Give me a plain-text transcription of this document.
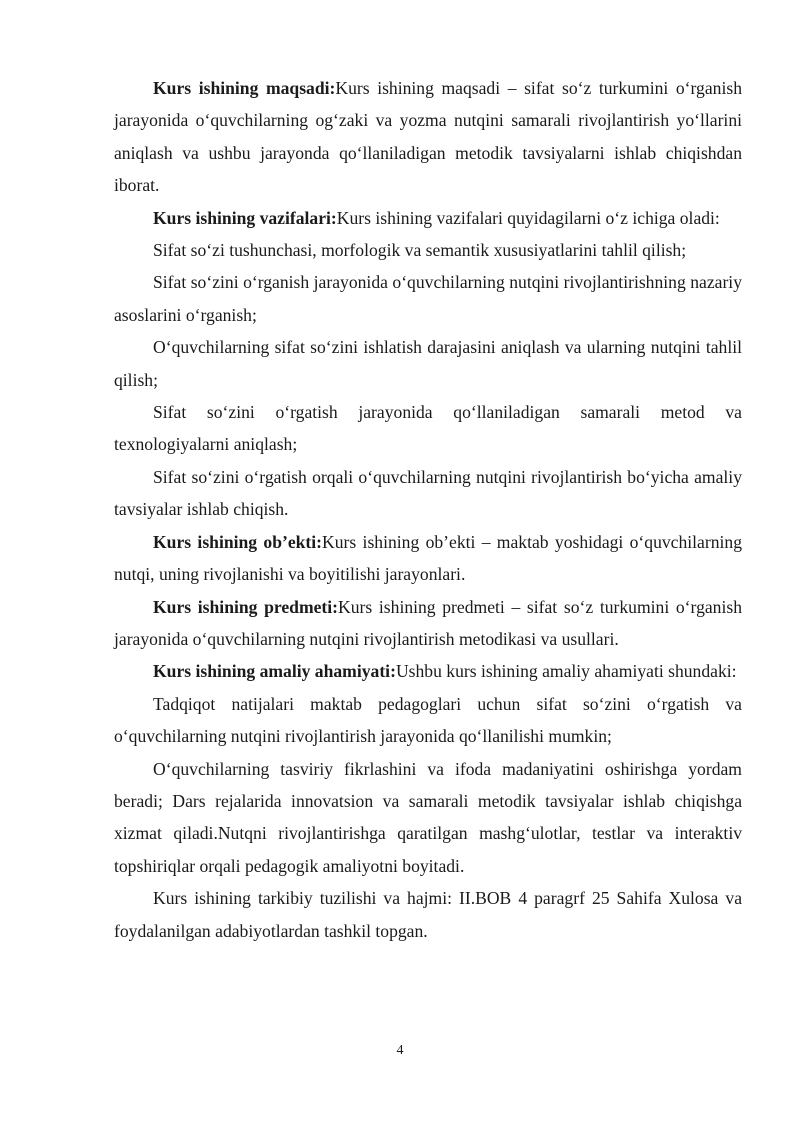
Kurs ishining maqsadi:Kurs ishining maqsadi – sifat so‘z turkumini o‘rganish jarayonida o‘quvchilarning og‘zaki va yozma nutqini samarali rivojlantirish yo‘llarini aniqlash va ushbu jarayonda qo‘llaniladigan metodik tavsiyalarni ishlab chiqishdan iborat.

Kurs ishining vazifalari:Kurs ishining vazifalari quyidagilarni o‘z ichiga oladi:

Sifat so‘zi tushunchasi, morfologik va semantik xususiyatlarini tahlil qilish;

Sifat so‘zini o‘rganish jarayonida o‘quvchilarning nutqini rivojlantirishning nazariy asoslarini o‘rganish;

O‘quvchilarning sifat so‘zini ishlatish darajasini aniqlash va ularning nutqini tahlil qilish;

Sifat so‘zini o‘rgatish jarayonida qo‘llaniladigan samarali metod va texnologiyalarni aniqlash;

Sifat so‘zini o‘rgatish orqali o‘quvchilarning nutqini rivojlantirish bo‘yicha amaliy tavsiyalar ishlab chiqish.

Kurs ishining ob’ekti:Kurs ishining ob’ekti – maktab yoshidagi o‘quvchilarning nutqi, uning rivojlanishi va boyitilishi jarayonlari.

Kurs ishining predmeti:Kurs ishining predmeti – sifat so‘z turkumini o‘rganish jarayonida o‘quvchilarning nutqini rivojlantirish metodikasi va usullari.

Kurs ishining amaliy ahamiyati:Ushbu kurs ishining amaliy ahamiyati shundaki:

Tadqiqot natijalari maktab pedagoglari uchun sifat so‘zini o‘rgatish va o‘quvchilarning nutqini rivojlantirish jarayonida qo‘llanilishi mumkin;

O‘quvchilarning tasviriy fikrlashini va ifoda madaniyatini oshirishga yordam beradi; Dars rejalarida innovatsion va samarali metodik tavsiyalar ishlab chiqishga xizmat qiladi.Nutqni rivojlantirishga qaratilgan mashg‘ulotlar, testlar va interaktiv topshiriqlar orqali pedagogik amaliyotni boyitadi.

Kurs ishining tarkibiy tuzilishi va hajmi: II.BOB 4 paragrf 25 Sahifa Xulosa va foydalanilgan adabiyotlardan tashkil topgan.

4
